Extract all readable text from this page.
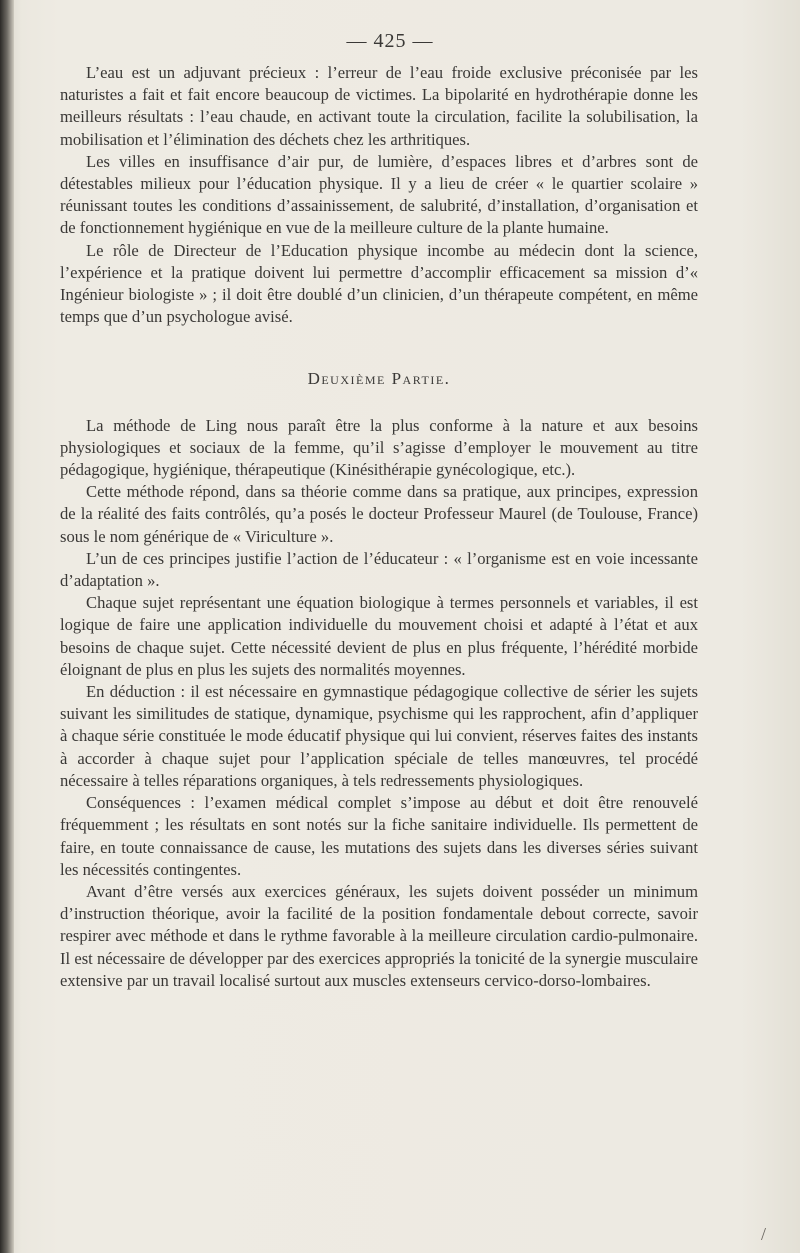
— 425 —

L’eau est un adjuvant précieux : l’erreur de l’eau froide exclusive préconisée par les naturistes a fait et fait encore beaucoup de victimes. La bipolarité en hydrothérapie donne les meilleurs résultats : l’eau chaude, en activant toute la circulation, facilite la solubilisation, la mobilisation et l’élimination des déchets chez les arthritiques.

Les villes en insuffisance d’air pur, de lumière, d’espaces libres et d’arbres sont de détestables milieux pour l’éducation physique. Il y a lieu de créer « le quartier scolaire » réunissant toutes les conditions d’assainissement, de salubrité, d’installation, d’organisation et de fonctionnement hygiénique en vue de la meilleure culture de la plante humaine.

Le rôle de Directeur de l’Education physique incombe au médecin dont la science, l’expérience et la pratique doivent lui permettre d’accomplir efficacement sa mission d’« Ingénieur biologiste » ; il doit être doublé d’un clinicien, d’un thérapeute compétent, en même temps que d’un psychologue avisé.

Deuxième Partie.

La méthode de Ling nous paraît être la plus conforme à la nature et aux besoins physiologiques et sociaux de la femme, qu’il s’agisse d’employer le mouvement au titre pédagogique, hygiénique, thérapeutique (Kinésithérapie gynécologique, etc.).

Cette méthode répond, dans sa théorie comme dans sa pratique, aux principes, expression de la réalité des faits contrôlés, qu’a posés le docteur Professeur Maurel (de Toulouse, France) sous le nom générique de « Viriculture ».

L’un de ces principes justifie l’action de l’éducateur : « l’organisme est en voie incessante d’adaptation ».

Chaque sujet représentant une équation biologique à termes personnels et variables, il est logique de faire une application individuelle du mouvement choisi et adapté à l’état et aux besoins de chaque sujet. Cette nécessité devient de plus en plus fréquente, l’hérédité morbide éloignant de plus en plus les sujets des normalités moyennes.

En déduction : il est nécessaire en gymnastique pédagogique collective de sérier les sujets suivant les similitudes de statique, dynamique, psychisme qui les rapprochent, afin d’appliquer à chaque série constituée le mode éducatif physique qui lui convient, réserves faites des instants à accorder à chaque sujet pour l’application spéciale de telles manœuvres, tel procédé nécessaire à telles réparations organiques, à tels redressements physiologiques.

Conséquences : l’examen médical complet s’impose au début et doit être renouvelé fréquemment ; les résultats en sont notés sur la fiche sanitaire individuelle. Ils permettent de faire, en toute connaissance de cause, les mutations des sujets dans les diverses séries suivant les nécessités contingentes.

Avant d’être versés aux exercices généraux, les sujets doivent posséder un minimum d’instruction théorique, avoir la facilité de la position fondamentale debout correcte, savoir respirer avec méthode et dans le rythme favorable à la meilleure circulation cardio-pulmonaire. Il est nécessaire de développer par des exercices appropriés la tonicité de la synergie musculaire extensive par un travail localisé surtout aux muscles extenseurs cervico-dorso-lombaires.

/
